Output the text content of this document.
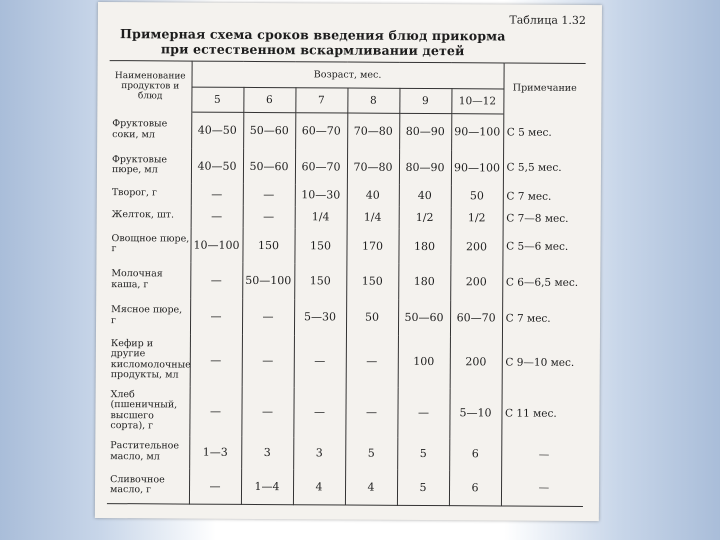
Таблица 1.32
Примерная схема сроков введения блюд прикорма
при естественном вскармливании детей
Наименование продуктов и блюд	Возраст, мес.						Примечание
	5	6	7	8	9	10—12	
Фруктовые соки, мл	40—50	50—60	60—70	70—80	80—90	90—100	С 5 мес.
Фруктовые пюре, мл	40—50	50—60	60—70	70—80	80—90	90—100	С 5,5 мес.
Творог, г	—	—	10—30	40	40	50	С 7 мес.
Желток, шт.	—	—	1/4	1/4	1/2	1/2	С 7—8 мес.
Овощное пюре, г	10—100	150	150	170	180	200	С 5—6 мес.
Молочная каша, г	—	50—100	150	150	180	200	С 6—6,5 мес.
Мясное пюре, г	—	—	5—30	50	50—60	60—70	С 7 мес.
Кефир и другие кисломолочные продукты, мл	—	—	—	—	100	200	С 9—10 мес.
Хлеб (пшеничный, высшего сорта), г	—	—	—	—	—	5—10	С 11 мес.
Растительное масло, мл	1—3	3	3	5	5	6	—
Сливочное масло, г	—	1—4	4	4	5	6	—
